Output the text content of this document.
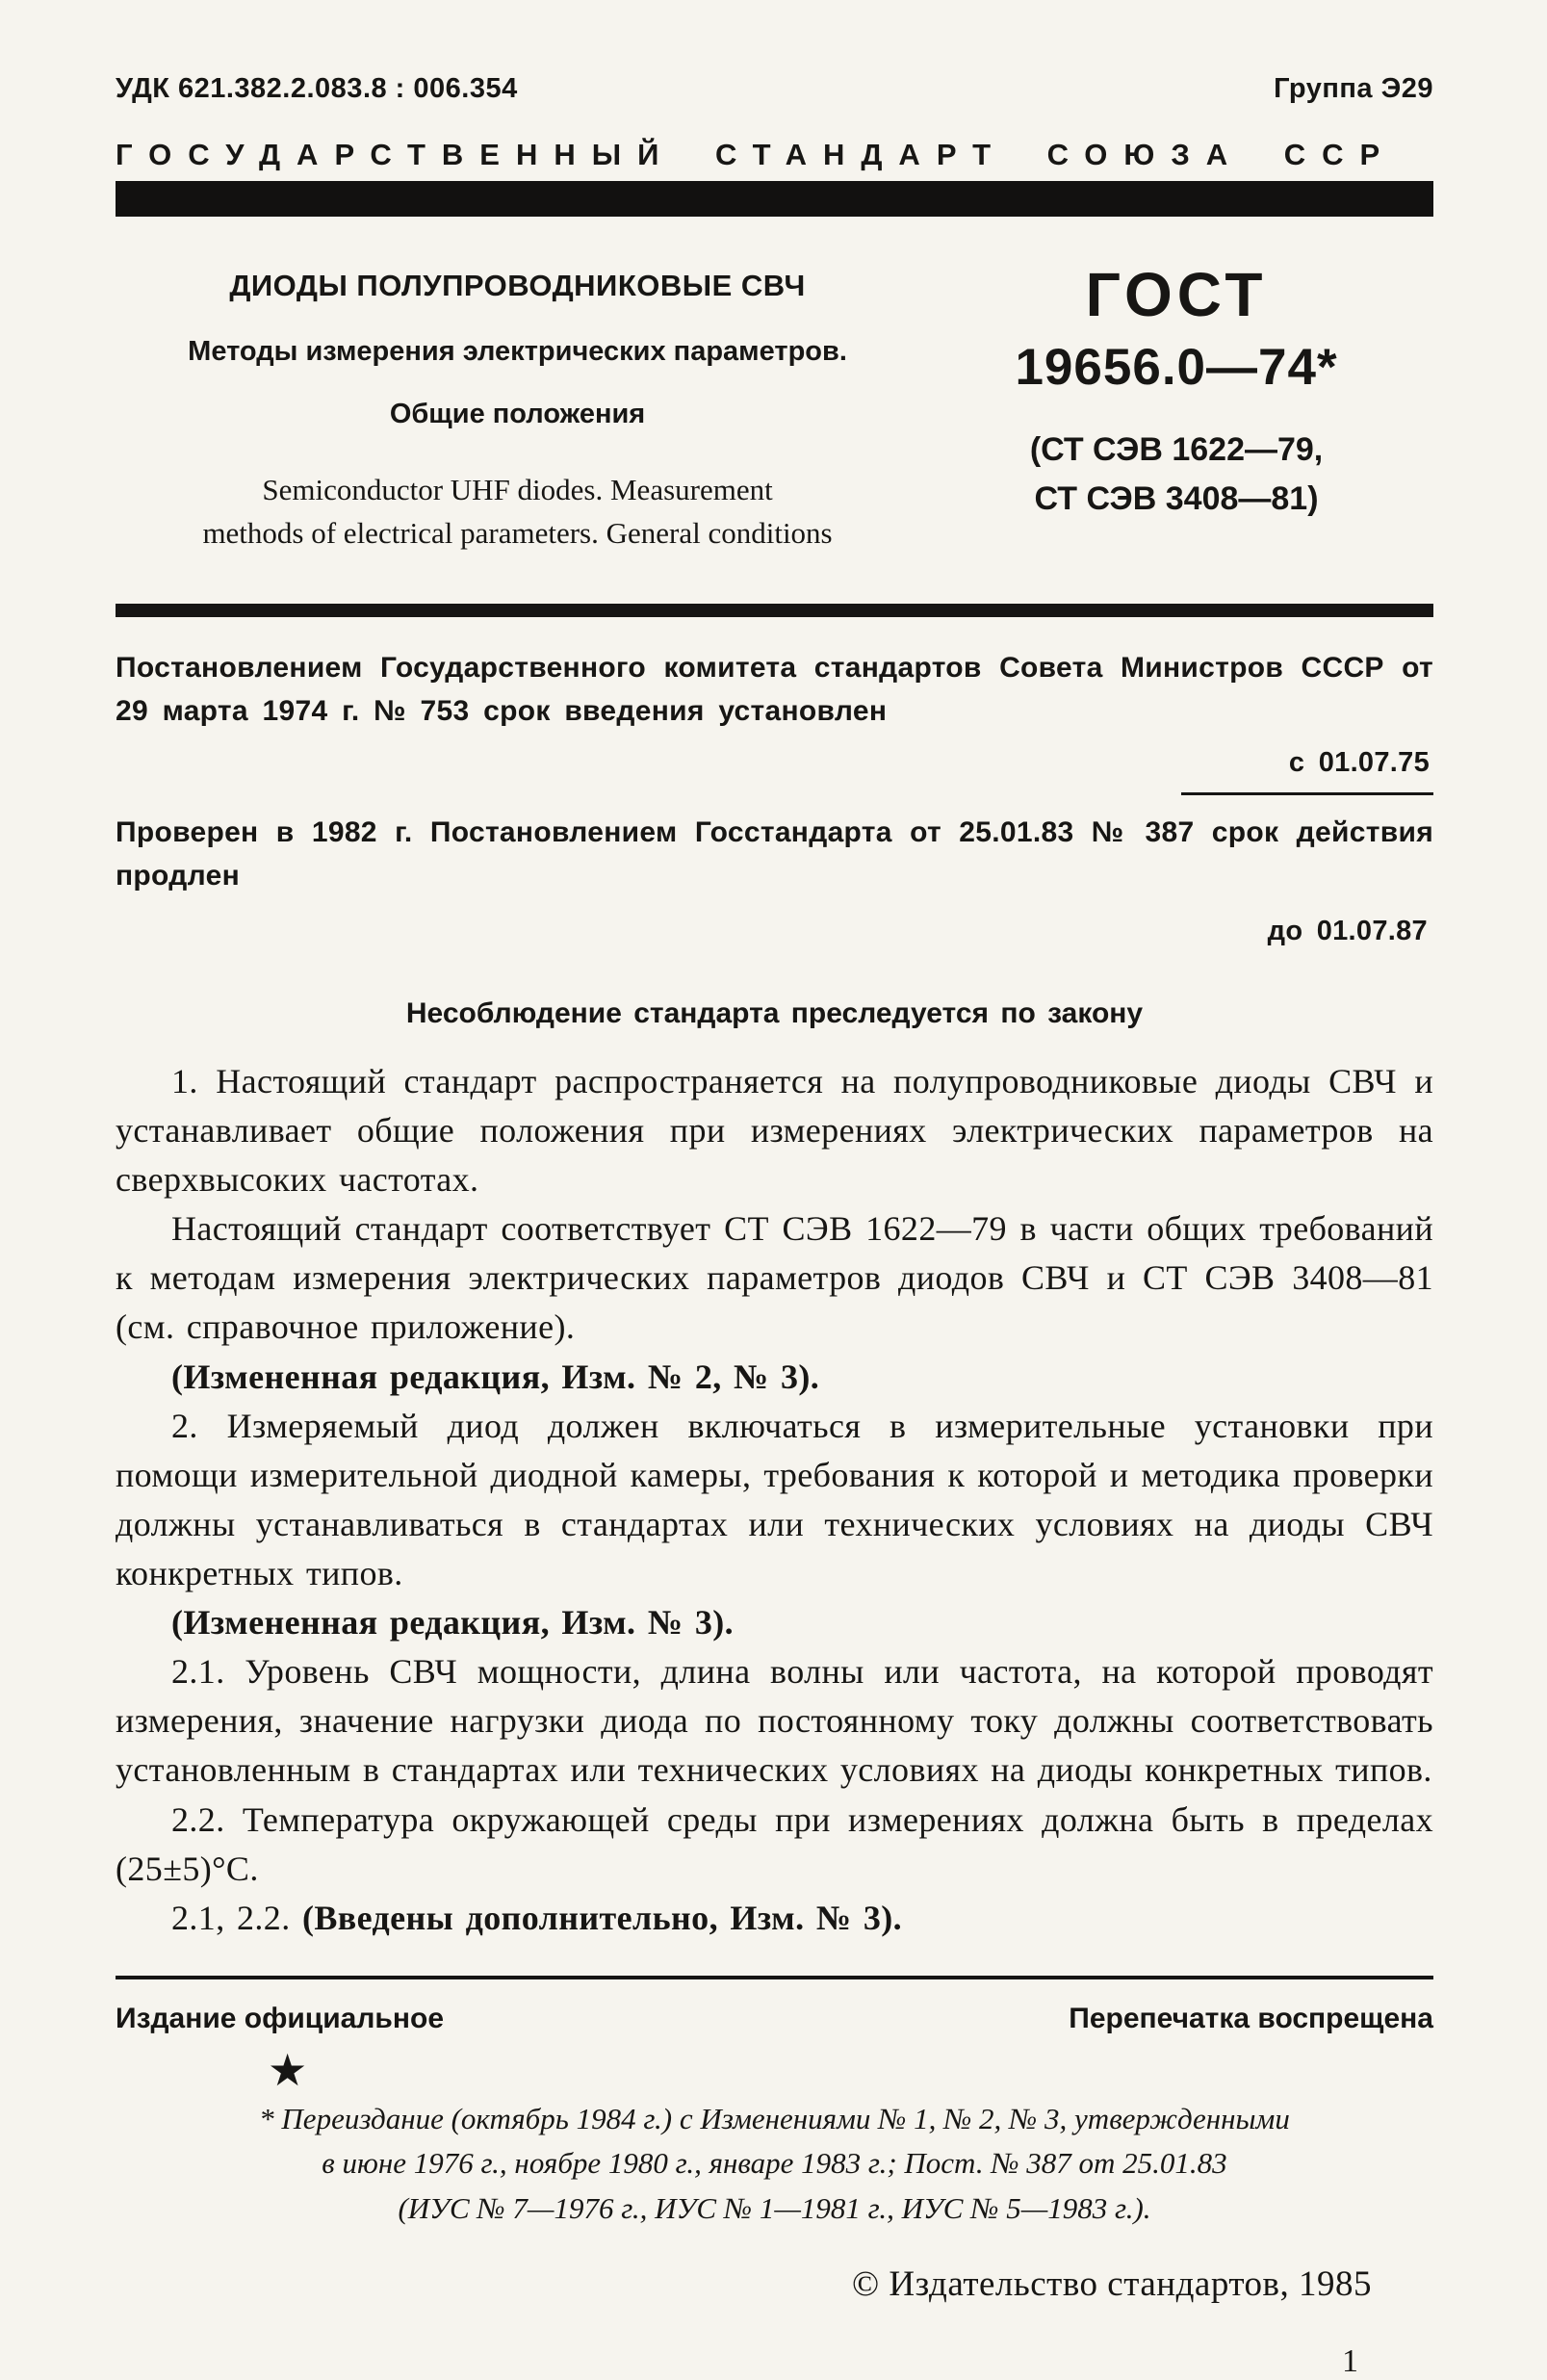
УДК 621.382.2.083.8 : 006.354	Группа Э29
ГОСУДАРСТВЕННЫЙ СТАНДАРТ СОЮЗА ССР
ДИОДЫ ПОЛУПРОВОДНИКОВЫЕ СВЧ
Методы измерения электрических параметров.
Общие положения
Semiconductor UHF diodes. Measurement
methods of electrical parameters. General conditions
ГОСТ
19656.0—74*
(СТ СЭВ 1622—79,
СТ СЭВ 3408—81)

Постановлением Государственного комитета стандартов Совета Министров СССР от 29 марта 1974 г. № 753 срок введения установлен

с 01.07.75

Проверен в 1982 г. Постановлением Госстандарта от 25.01.83 № 387 срок действия продлен

до 01.07.87
Несоблюдение стандарта преследуется по закону

1. Настоящий стандарт распространяется на полупроводниковые диоды СВЧ и устанавливает общие положения при измерениях электрических параметров на сверхвысоких частотах.

Настоящий стандарт соответствует СТ СЭВ 1622—79 в части общих требований к методам измерения электрических параметров диодов СВЧ и СТ СЭВ 3408—81 (см. справочное приложение).

(Измененная редакция, Изм. № 2, № 3).

2. Измеряемый диод должен включаться в измерительные установки при помощи измерительной диодной камеры, требования к которой и методика проверки должны устанавливаться в стандартах или технических условиях на диоды СВЧ конкретных типов.

(Измененная редакция, Изм. № 3).

2.1. Уровень СВЧ мощности, длина волны или частота, на которой проводят измерения, значение нагрузки диода по постоянному току должны соответствовать установленным в стандартах или технических условиях на диоды конкретных типов.

2.2. Температура окружающей среды при измерениях должна быть в пределах (25±5)°С.

2.1, 2.2. (Введены дополнительно, Изм. № 3).

Издание официальное	Перепечатка воспрещена
★
* Переиздание (октябрь 1984 г.) с Изменениями № 1, № 2, № 3, утвержденными
в июне 1976 г., ноябре 1980 г., январе 1983 г.; Пост. № 387 от 25.01.83
(ИУС № 7—1976 г., ИУС № 1—1981 г., ИУС № 5—1983 г.).
© Издательство стандартов, 1985
1
